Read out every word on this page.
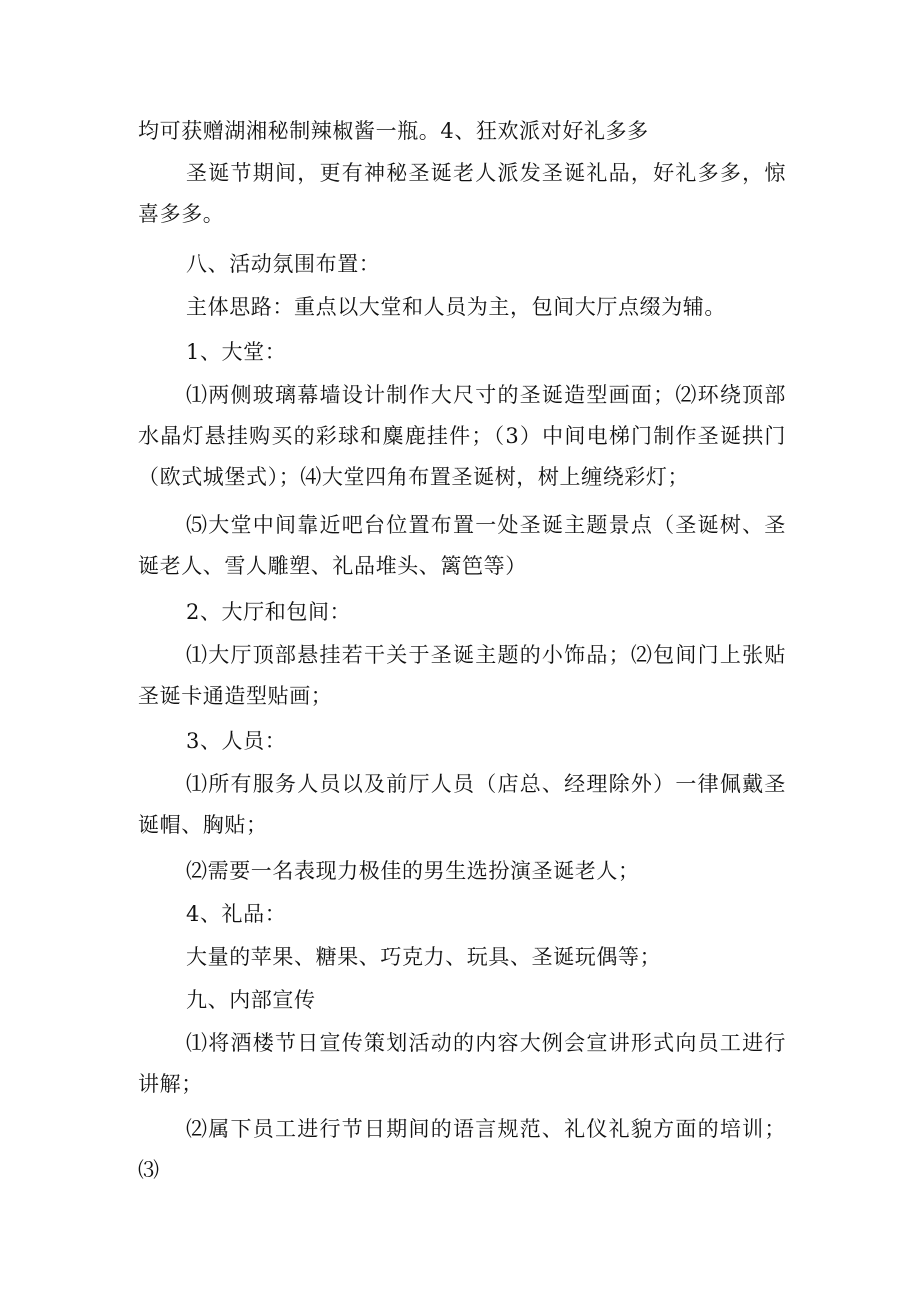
均可获赠湖湘秘制辣椒酱一瓶。4、狂欢派对好礼多多

圣诞节期间，更有神秘圣诞老人派发圣诞礼品，好礼多多，惊喜多多。

八、活动氛围布置：

主体思路：重点以大堂和人员为主，包间大厅点缀为辅。

1、大堂：

⑴两侧玻璃幕墙设计制作大尺寸的圣诞造型画面；⑵环绕顶部水晶灯悬挂购买的彩球和麋鹿挂件；（3）中间电梯门制作圣诞拱门（欧式城堡式）；⑷大堂四角布置圣诞树，树上缠绕彩灯；

⑸大堂中间靠近吧台位置布置一处圣诞主题景点（圣诞树、圣诞老人、雪人雕塑、礼品堆头、篱笆等）

2、大厅和包间：

⑴大厅顶部悬挂若干关于圣诞主题的小饰品；⑵包间门上张贴圣诞卡通造型贴画；

3、人员：

⑴所有服务人员以及前厅人员（店总、经理除外）一律佩戴圣诞帽、胸贴；

⑵需要一名表现力极佳的男生选扮演圣诞老人；

4、礼品：

大量的苹果、糖果、巧克力、玩具、圣诞玩偶等；

九、内部宣传

⑴将酒楼节日宣传策划活动的内容大例会宣讲形式向员工进行讲解；

⑵属下员工进行节日期间的语言规范、礼仪礼貌方面的培训；⑶
